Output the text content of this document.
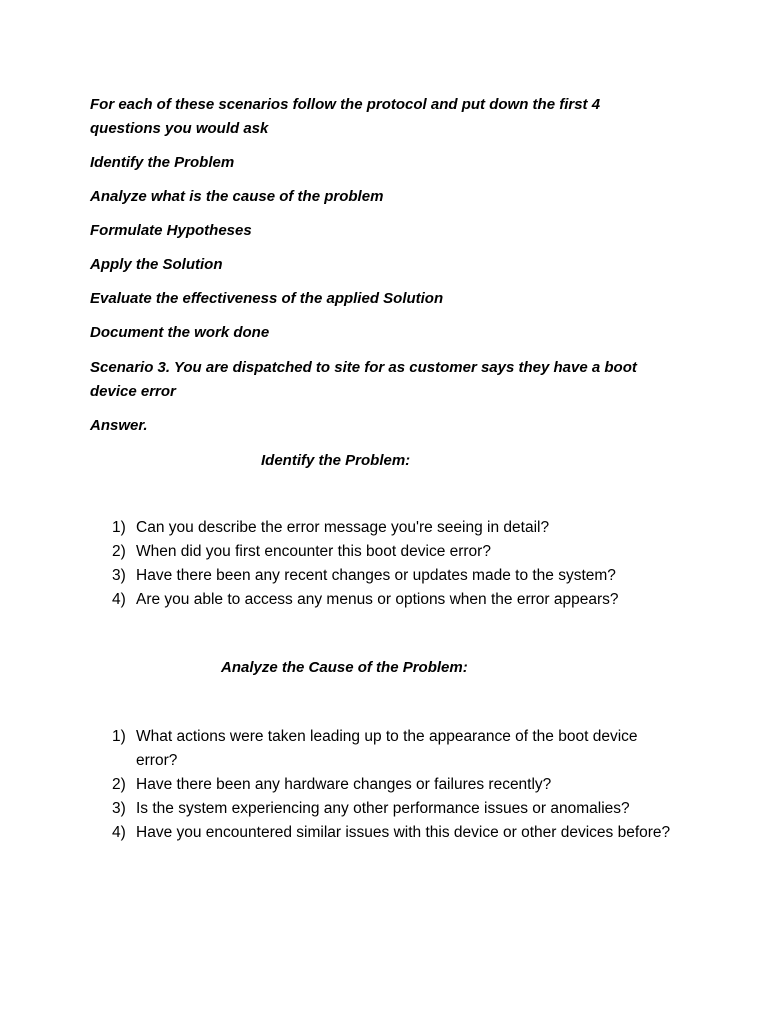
For each of these scenarios follow the protocol and put down the first 4 questions you would ask

Identify the Problem

Analyze what is the cause of the problem

Formulate Hypotheses

Apply the Solution

Evaluate the effectiveness of the applied Solution

Document the work done

Scenario 3. You are dispatched to site for as customer says they have a boot device error

Answer.

Identify the Problem:

1) Can you describe the error message you're seeing in detail?
2) When did you first encounter this boot device error?
3) Have there been any recent changes or updates made to the system?
4) Are you able to access any menus or options when the error appears?

Analyze the Cause of the Problem:

1) What actions were taken leading up to the appearance of the boot device error?
2) Have there been any hardware changes or failures recently?
3) Is the system experiencing any other performance issues or anomalies?
4) Have you encountered similar issues with this device or other devices before?
